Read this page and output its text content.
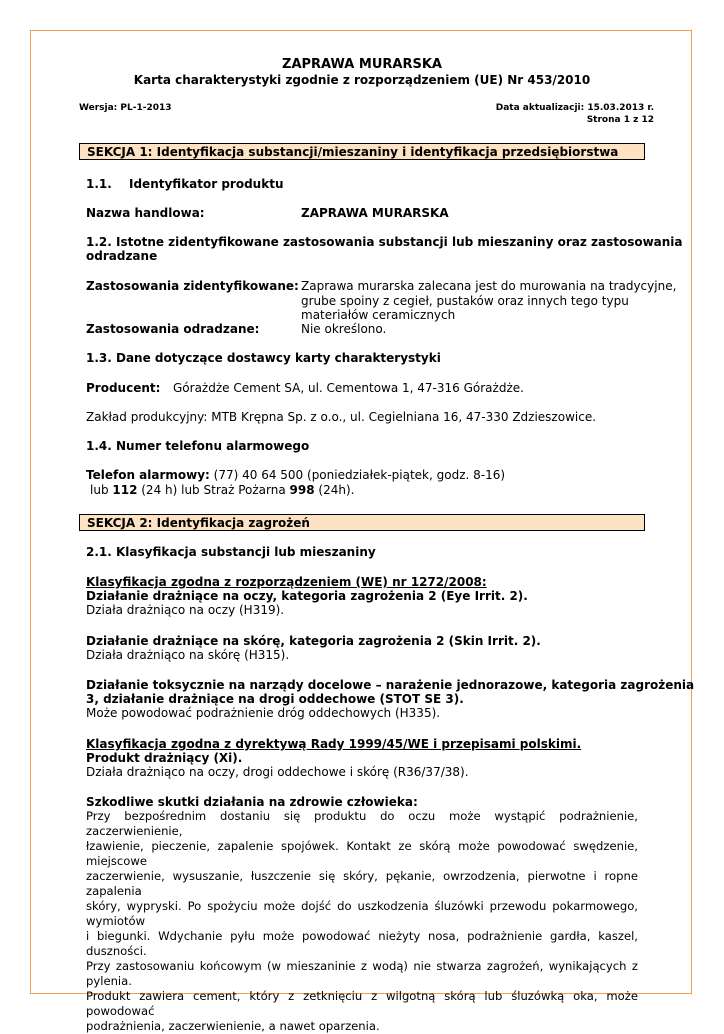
ZAPRAWA MURARSKA
Karta charakterystyki zgodnie z rozporządzeniem (UE) Nr 453/2010
Wersja: PL-1-2013	Data aktualizacji: 15.03.2013 r.
Strona 1 z 12
SEKCJA 1: Identyfikacja substancji/mieszaniny i identyfikacja przedsiębiorstwa
1.1. Identyfikator produktu
Nazwa handlowa:	ZAPRAWA MURARSKA
1.2. Istotne zidentyfikowane zastosowania substancji lub mieszaniny oraz zastosowania
odradzane
Zastosowania zidentyfikowane: Zaprawa murarska zalecana jest do murowania na tradycyjne,
grube spoiny z cegieł, pustaków oraz innych tego typu
materiałów ceramicznych
Zastosowania odradzane:	Nie określono.
1.3. Dane dotyczące dostawcy karty charakterystyki
Producent: Górażdże Cement SA, ul. Cementowa 1, 47-316 Górażdże.
Zakład produkcyjny: MTB Krępna Sp. z o.o., ul. Cegielniana 16, 47-330 Zdzieszowice.
1.4. Numer telefonu alarmowego
Telefon alarmowy: (77) 40 64 500 (poniedziałek-piątek, godz. 8-16)
lub 112 (24 h) lub Straż Pożarna 998 (24h).
SEKCJA 2: Identyfikacja zagrożeń
2.1. Klasyfikacja substancji lub mieszaniny
Klasyfikacja zgodna z rozporządzeniem (WE) nr 1272/2008:
Działanie drażniące na oczy, kategoria zagrożenia 2 (Eye Irrit. 2).
Działa drażniąco na oczy (H319).
Działanie drażniące na skórę, kategoria zagrożenia 2 (Skin Irrit. 2).
Działa drażniąco na skórę (H315).
Działanie toksycznie na narządy docelowe – narażenie jednorazowe, kategoria zagrożenia
3, działanie drażniące na drogi oddechowe (STOT SE 3).
Może powodować podrażnienie dróg oddechowych (H335).
Klasyfikacja zgodna z dyrektywą Rady 1999/45/WE i przepisami polskimi.
Produkt drażniący (Xi).
Działa drażniąco na oczy, drogi oddechowe i skórę (R36/37/38).
Szkodliwe skutki działania na zdrowie człowieka:
Przy bezpośrednim dostaniu się produktu do oczu może wystąpić podrażnienie, zaczerwienienie,
łzawienie, pieczenie, zapalenie spojówek. Kontakt ze skórą może powodować swędzenie, miejscowe
zaczerwienie, wysuszanie, łuszczenie się skóry, pękanie, owrzodzenia, pierwotne i ropne zapalenia
skóry, wypryski. Po spożyciu może dojść do uszkodzenia śluzówki przewodu pokarmowego, wymiotów
i biegunki. Wdychanie pyłu może powodować nieżyty nosa, podrażnienie gardła, kaszel, duszności.
Przy zastosowaniu końcowym (w mieszaninie z wodą) nie stwarza zagrożeń, wynikających z pylenia.
Produkt zawiera cement, który z zetknięciu z wilgotną skórą lub śluzówką oka, może powodować
podrażnienia, zaczerwienienie, a nawet oparzenia.
